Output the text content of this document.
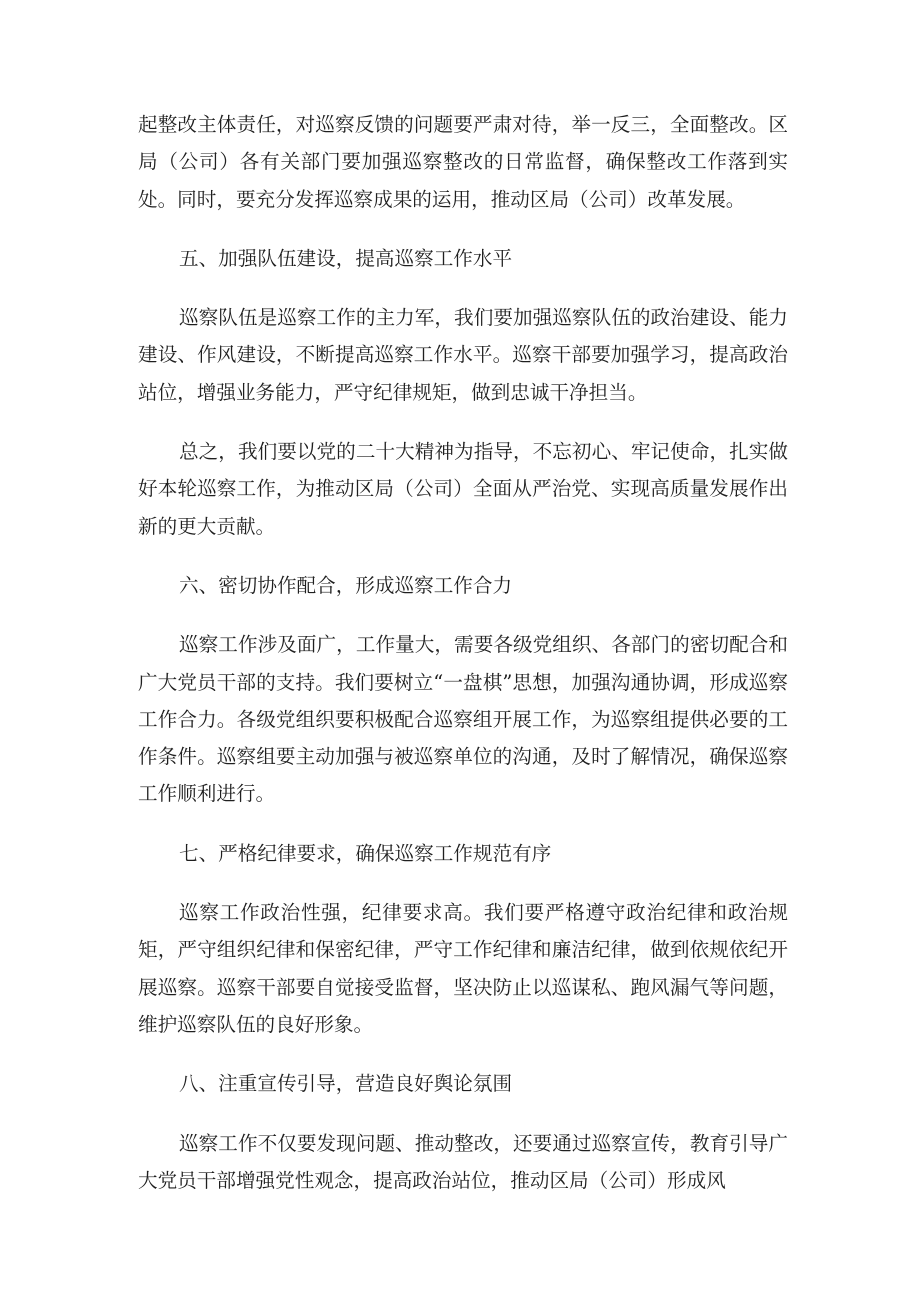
起整改主体责任，对巡察反馈的问题要严肃对待，举一反三，全面整改。区局（公司）各有关部门要加强巡察整改的日常监督，确保整改工作落到实处。同时，要充分发挥巡察成果的运用，推动区局（公司）改革发展。

五、加强队伍建设，提高巡察工作水平

巡察队伍是巡察工作的主力军，我们要加强巡察队伍的政治建设、能力建设、作风建设，不断提高巡察工作水平。巡察干部要加强学习，提高政治站位，增强业务能力，严守纪律规矩，做到忠诚干净担当。

总之，我们要以党的二十大精神为指导，不忘初心、牢记使命，扎实做好本轮巡察工作，为推动区局（公司）全面从严治党、实现高质量发展作出新的更大贡献。

六、密切协作配合，形成巡察工作合力

巡察工作涉及面广，工作量大，需要各级党组织、各部门的密切配合和广大党员干部的支持。我们要树立“一盘棋”思想，加强沟通协调，形成巡察工作合力。各级党组织要积极配合巡察组开展工作，为巡察组提供必要的工作条件。巡察组要主动加强与被巡察单位的沟通，及时了解情况，确保巡察工作顺利进行。

七、严格纪律要求，确保巡察工作规范有序

巡察工作政治性强，纪律要求高。我们要严格遵守政治纪律和政治规矩，严守组织纪律和保密纪律，严守工作纪律和廉洁纪律，做到依规依纪开展巡察。巡察干部要自觉接受监督，坚决防止以巡谋私、跑风漏气等问题，维护巡察队伍的良好形象。

八、注重宣传引导，营造良好舆论氛围

巡察工作不仅要发现问题、推动整改，还要通过巡察宣传，教育引导广大党员干部增强党性观念，提高政治站位，推动区局（公司）形成风
